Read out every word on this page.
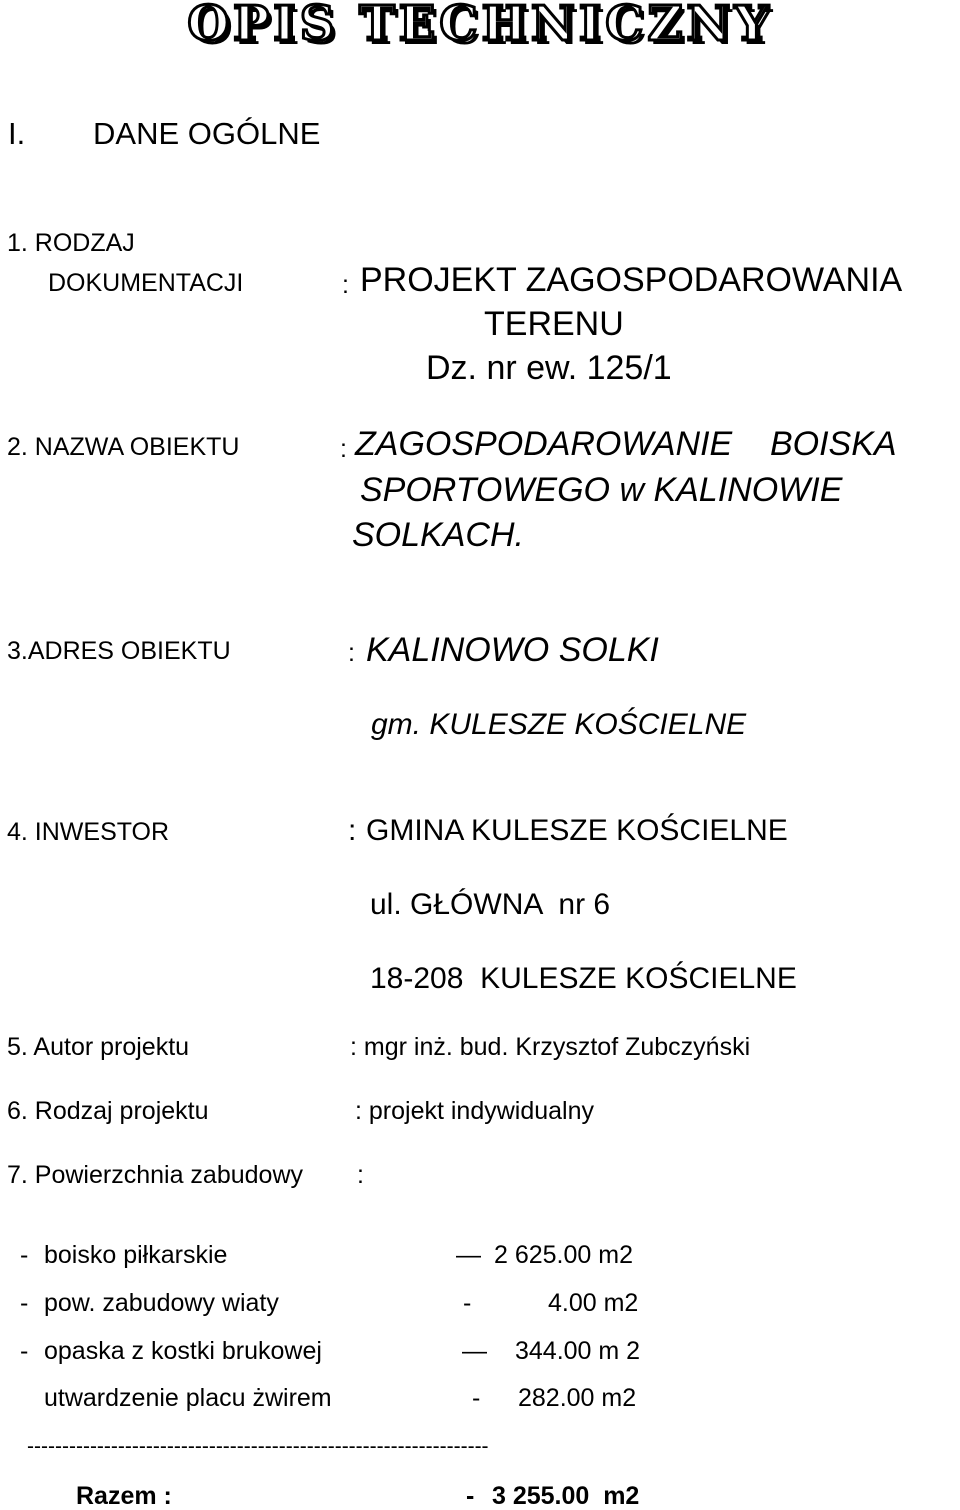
OPIS TECHNICZNY
I. DANE OGÓLNE
1. RODZAJ
DOKUMENTACJI	: PROJEKT ZAGOSPODAROWANIA
TERENU
Dz. nr ew. 125/1
2. NAZWA OBIEKTU	: ZAGOSPODAROWANIE    BOISKA
SPORTOWEGO w KALINOWIE
SOLKACH.
3.ADRES OBIEKTU	: KALINOWO SOLKI
gm. KULESZE KOŚCIELNE
4. INWESTOR	: GMINA KULESZE KOŚCIELNE
ul. GŁÓWNA  nr 6
18-208  KULESZE KOŚCIELNE
5. Autor projektu	: mgr inż. bud. Krzysztof Zubczyński
6. Rodzaj projektu	: projekt indywidualny
7. Powierzchnia zabudowy :
- boisko piłkarskie	— 2 625.00 m2
- pow. zabudowy wiaty	-	4.00 m2
- opaska z kostki brukowej	— 344.00 m 2
utwardzenie placu żwirem	- 282.00 m2
------------------------------------------------------------------
Razem :	- 3 255.00  m2
